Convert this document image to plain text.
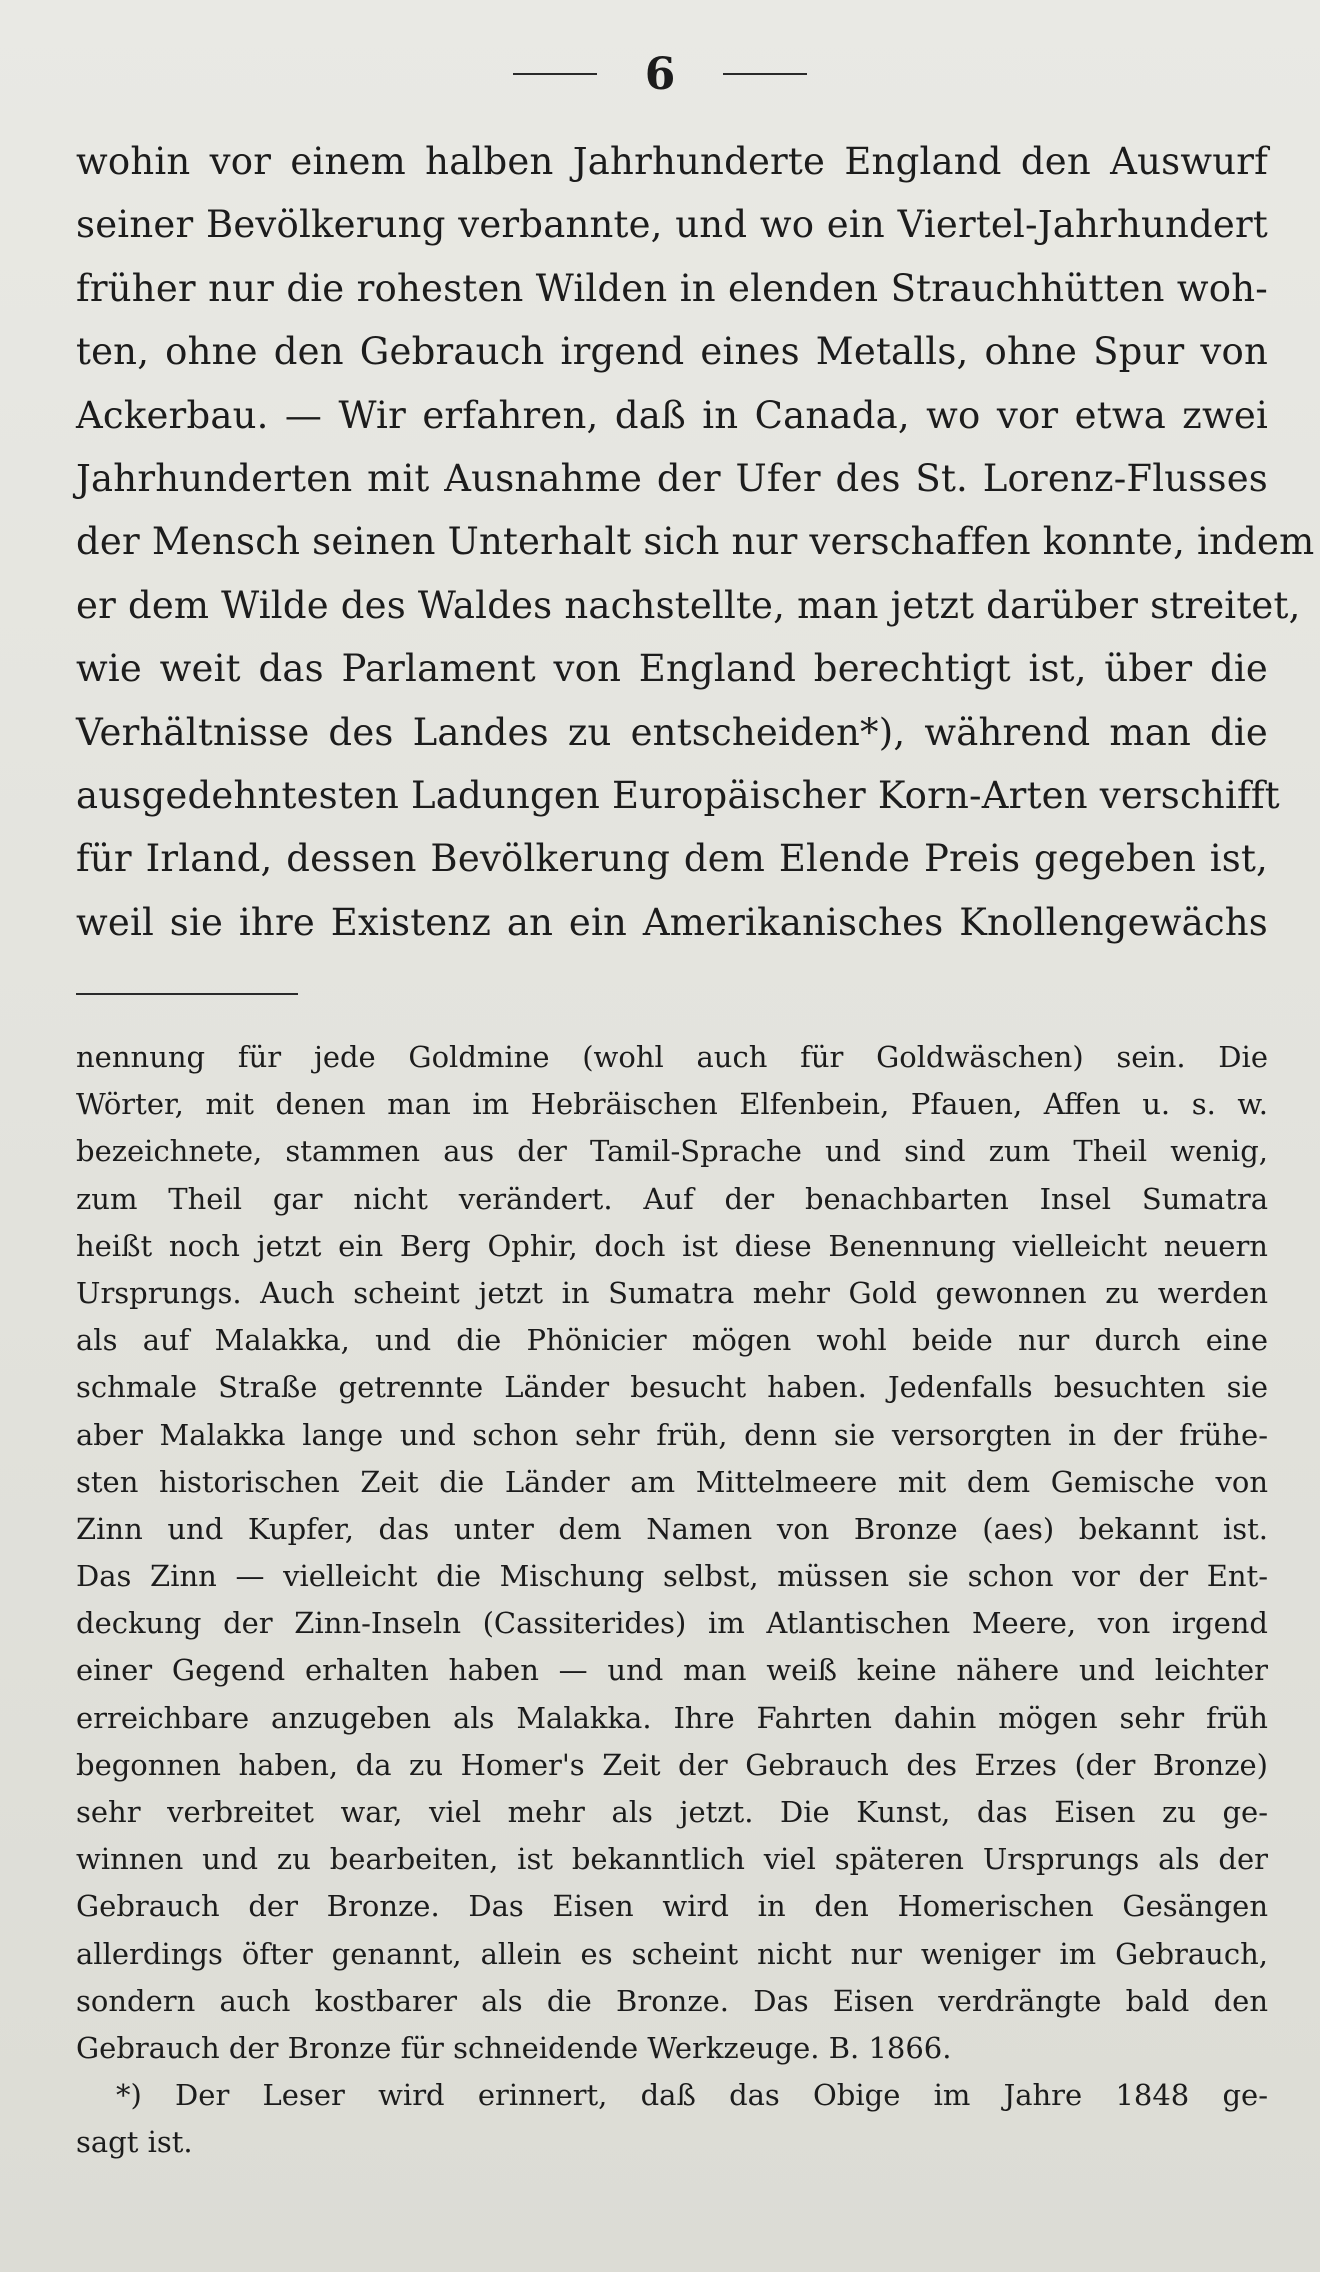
6
wohin vor einem halben Jahrhunderte England den Auswurf
seiner Bevölkerung verbannte, und wo ein Viertel-Jahrhundert
früher nur die rohesten Wilden in elenden Strauchhütten woh-
ten, ohne den Gebrauch irgend eines Metalls, ohne Spur von
Ackerbau. — Wir erfahren, daß in Canada, wo vor etwa zwei
Jahrhunderten mit Ausnahme der Ufer des St. Lorenz-Flusses
der Mensch seinen Unterhalt sich nur verschaffen konnte, indem
er dem Wilde des Waldes nachstellte, man jetzt darüber streitet,
wie weit das Parlament von England berechtigt ist, über die
Verhältnisse des Landes zu entscheiden*), während man die
ausgedehntesten Ladungen Europäischer Korn-Arten verschifft
für Irland, dessen Bevölkerung dem Elende Preis gegeben ist,
weil sie ihre Existenz an ein Amerikanisches Knollengewächs
nennung für jede Goldmine (wohl auch für Goldwäschen) sein. Die
Wörter, mit denen man im Hebräischen Elfenbein, Pfauen, Affen u. s. w.
bezeichnete, stammen aus der Tamil-Sprache und sind zum Theil wenig,
zum Theil gar nicht verändert. Auf der benachbarten Insel Sumatra
heißt noch jetzt ein Berg Ophir, doch ist diese Benennung vielleicht neuern
Ursprungs. Auch scheint jetzt in Sumatra mehr Gold gewonnen zu werden
als auf Malakka, und die Phönicier mögen wohl beide nur durch eine
schmale Straße getrennte Länder besucht haben. Jedenfalls besuchten sie
aber Malakka lange und schon sehr früh, denn sie versorgten in der frühe-
sten historischen Zeit die Länder am Mittelmeere mit dem Gemische von
Zinn und Kupfer, das unter dem Namen von Bronze (aes) bekannt ist.
Das Zinn — vielleicht die Mischung selbst, müssen sie schon vor der Ent-
deckung der Zinn-Inseln (Cassiterides) im Atlantischen Meere, von irgend
einer Gegend erhalten haben — und man weiß keine nähere und leichter
erreichbare anzugeben als Malakka. Ihre Fahrten dahin mögen sehr früh
begonnen haben, da zu Homer's Zeit der Gebrauch des Erzes (der Bronze)
sehr verbreitet war, viel mehr als jetzt. Die Kunst, das Eisen zu ge-
winnen und zu bearbeiten, ist bekanntlich viel späteren Ursprungs als der
Gebrauch der Bronze. Das Eisen wird in den Homerischen Gesängen
allerdings öfter genannt, allein es scheint nicht nur weniger im Gebrauch,
sondern auch kostbarer als die Bronze. Das Eisen verdrängte bald den
Gebrauch der Bronze für schneidende Werkzeuge. B. 1866.
*) Der Leser wird erinnert, daß das Obige im Jahre 1848 ge-
sagt ist.
